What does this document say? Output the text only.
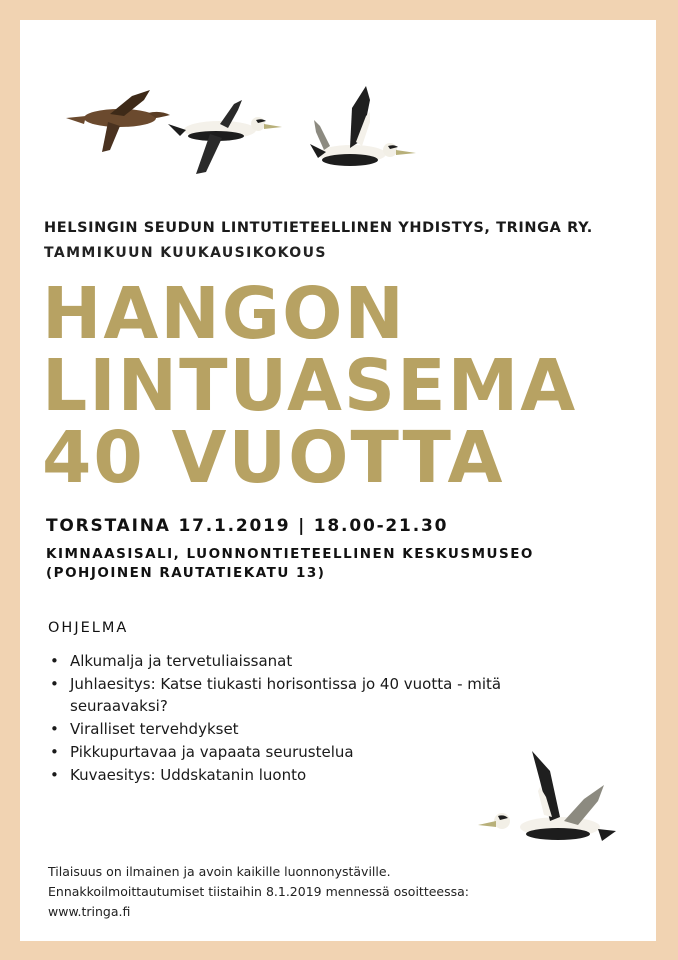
HELSINGIN SEUDUN LINTUTIETEELLINEN YHDISTYS, TRINGA RY.
TAMMIKUUN KUUKAUSIKOKOUS
HANGON
LINTUASEMA
40 VUOTTA
TORSTAINA 17.1.2019 | 18.00-21.30
KIMNAASISALI, LUONNONTIETEELLINEN KESKUSMUSEO
(POHJOINEN RAUTATIEKATU 13)
OHJELMA
• Alkumalja ja tervetuliaissanat
• Juhlaesitys: Katse tiukasti horisontissa jo 40 vuotta - mitä seuraavaksi?
• Viralliset tervehdykset
• Pikkupurtavaa ja vapaata seurustelua
• Kuvaesitys: Uddskatanin luonto
Tilaisuus on ilmainen ja avoin kaikille luonnonystäville.
Ennakkoilmoittautumiset tiistaihin 8.1.2019 mennessä osoitteessa:
www.tringa.fi
